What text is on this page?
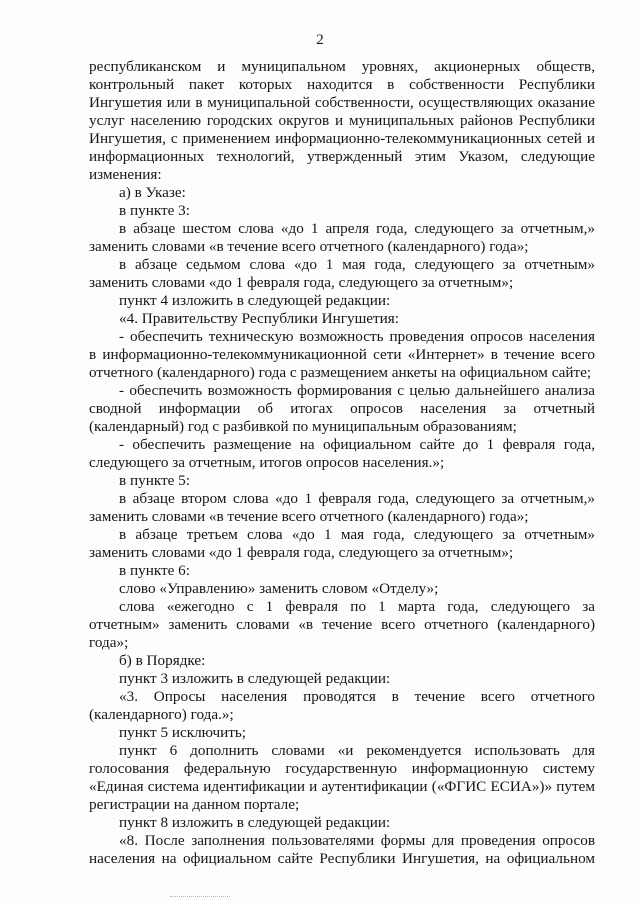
2

республиканском и муниципальном уровнях, акционерных обществ,

контрольный пакет которых находится в собственности Республики

Ингушетия или в муниципальной собственности, осуществляющих оказание

услуг населению городских округов и муниципальных районов Республики

Ингушетия, с применением информационно-телекоммуникационных сетей и

информационных технологий, утвержденный этим Указом, следующие

изменения:

а) в Указе:

в пункте 3:

в абзаце шестом слова «до 1 апреля года, следующего за отчетным,»

заменить словами «в течение всего отчетного (календарного) года»;

в абзаце седьмом слова «до 1 мая года, следующего за отчетным»

заменить словами «до 1 февраля года, следующего за отчетным»;

пункт 4 изложить в следующей редакции:

«4. Правительству Республики Ингушетия:

- обеспечить техническую возможность проведения опросов населения

в информационно-телекоммуникационной сети «Интернет» в течение всего

отчетного (календарного) года с размещением анкеты на официальном сайте;

- обеспечить возможность формирования с целью дальнейшего анализа

сводной информации об итогах опросов населения за отчетный

(календарный) год с разбивкой по муниципальным образованиям;

- обеспечить размещение на официальном сайте до 1 февраля года,

следующего за отчетным, итогов опросов населения.»;

в пункте 5:

в абзаце втором слова «до 1 февраля года, следующего за отчетным,»

заменить словами «в течение всего отчетного (календарного) года»;

в абзаце третьем слова «до 1 мая года, следующего за отчетным»

заменить словами «до 1 февраля года, следующего за отчетным»;

в пункте 6:

слово «Управлению» заменить словом «Отделу»;

слова «ежегодно с 1 февраля по 1 марта года, следующего за

отчетным» заменить словами «в течение всего отчетного (календарного)

года»;

б) в Порядке:

пункт 3 изложить в следующей редакции:

«3. Опросы населения проводятся в течение всего отчетного

(календарного) года.»;

пункт 5 исключить;

пункт 6 дополнить словами «и рекомендуется использовать для

голосования федеральную государственную информационную систему

«Единая система идентификации и аутентификации («ФГИС ЕСИА»)» путем

регистрации на данном портале;

пункт 8 изложить в следующей редакции:

«8. После заполнения пользователями формы для проведения опросов

населения на официальном сайте Республики Ингушетия, на официальном
